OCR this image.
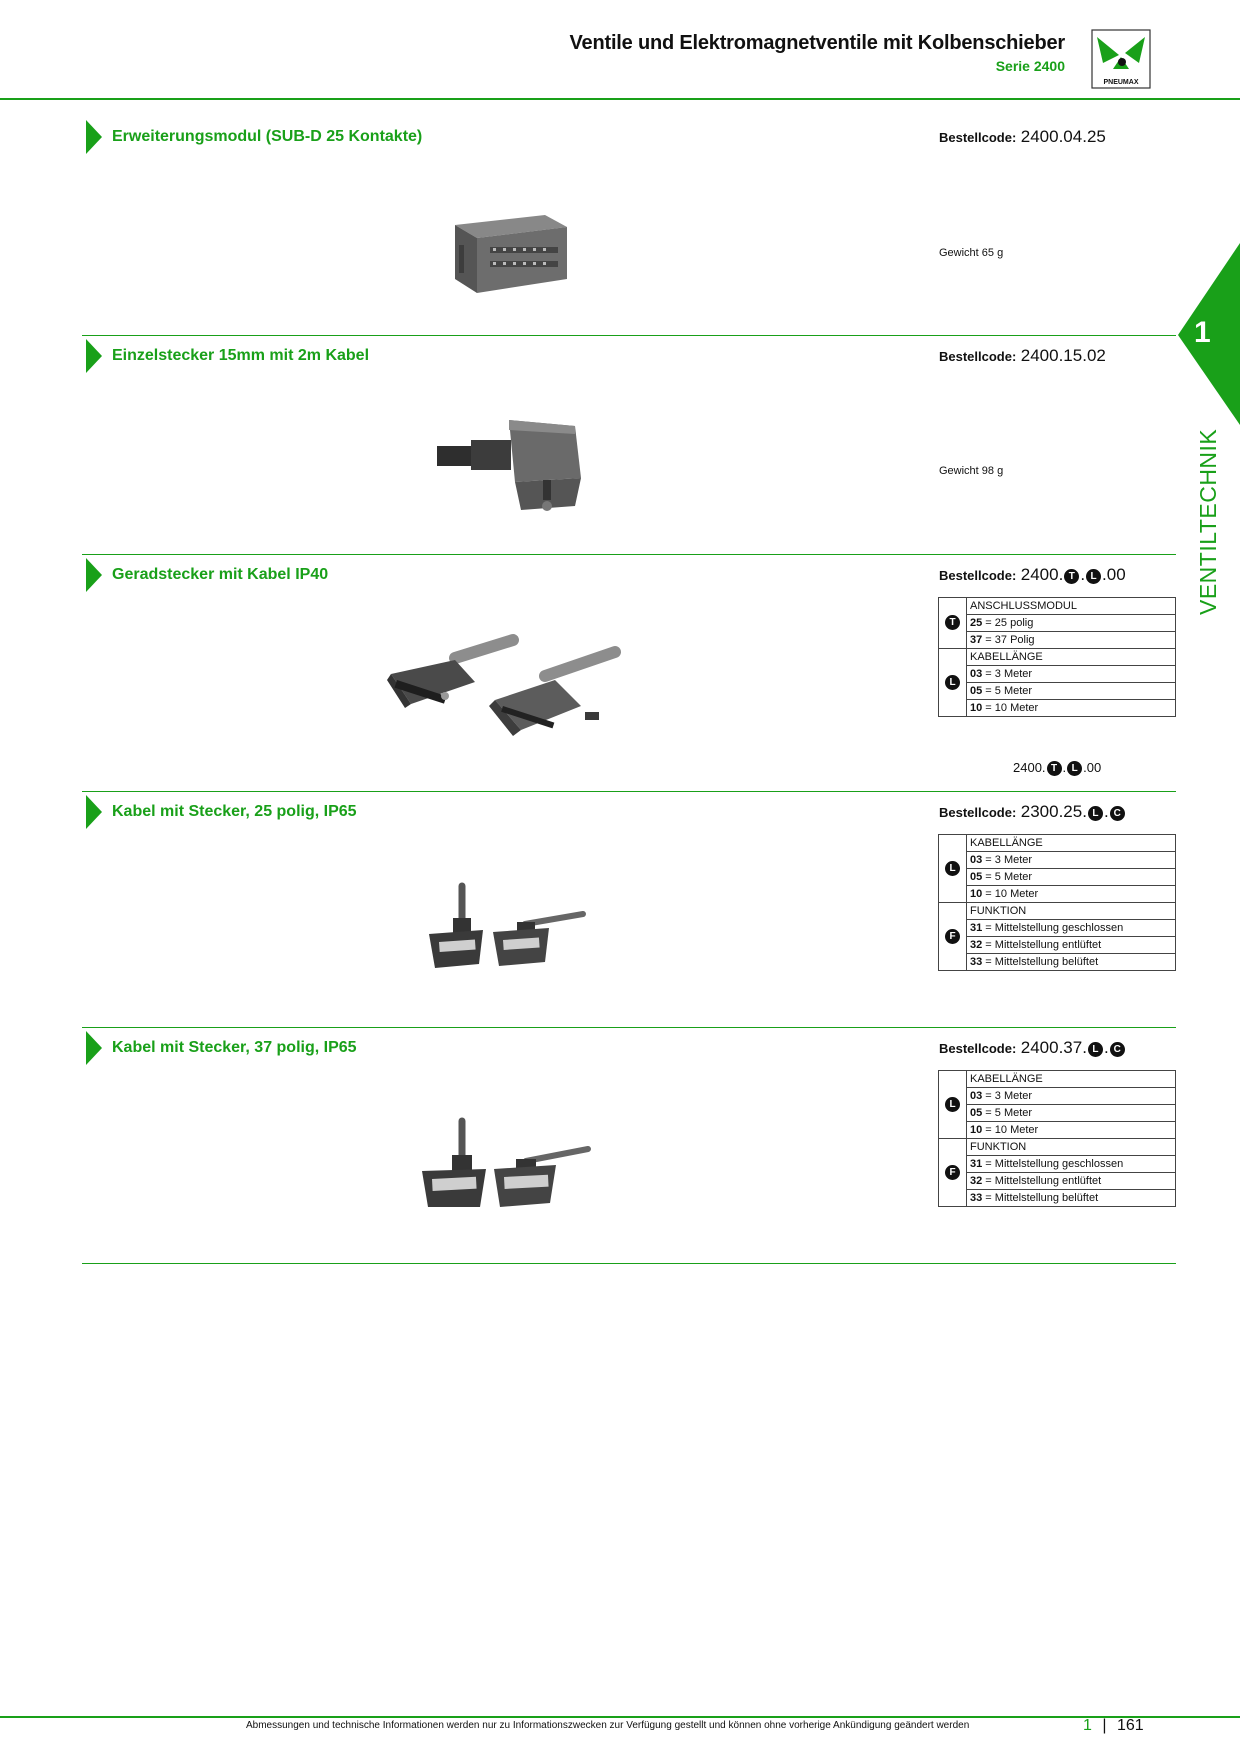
Ventile und Elektromagnetventile mit Kolbenschieber
Serie 2400
PNEUMAX
1
VENTILTECHNIK
Erweiterungsmodul (SUB-D 25 Kontakte)	Bestellcode: 2400.04.25
Gewicht 65 g
Einzelstecker 15mm mit 2m Kabel	Bestellcode: 2400.15.02
Gewicht 98 g
Geradstecker mit Kabel IP40	Bestellcode: 2400. T . L .00
T	ANSCHLUSSMODUL
	25 = 25 polig
	37 = 37 Polig
L	KABELLÄNGE
	03 = 3 Meter
	05 = 5 Meter
	10 = 10 Meter
2400. T . L .00
Kabel mit Stecker, 25 polig, IP65	Bestellcode: 2300.25. L . C
L	KABELLÄNGE
	03 = 3 Meter
	05 = 5 Meter
	10 = 10 Meter
F	FUNKTION
	31 = Mittelstellung geschlossen
	32 = Mittelstellung entlüftet
	33 = Mittelstellung belüftet
Kabel mit Stecker, 37 polig, IP65	Bestellcode: 2400.37. L . C
L	KABELLÄNGE
	03 = 3 Meter
	05 = 5 Meter
	10 = 10 Meter
F	FUNKTION
	31 = Mittelstellung geschlossen
	32 = Mittelstellung entlüftet
	33 = Mittelstellung belüftet
Abmessungen und technische Informationen werden nur zu Informationszwecken zur Verfügung gestellt und können ohne vorherige Ankündigung geändert werden	1 | 161
